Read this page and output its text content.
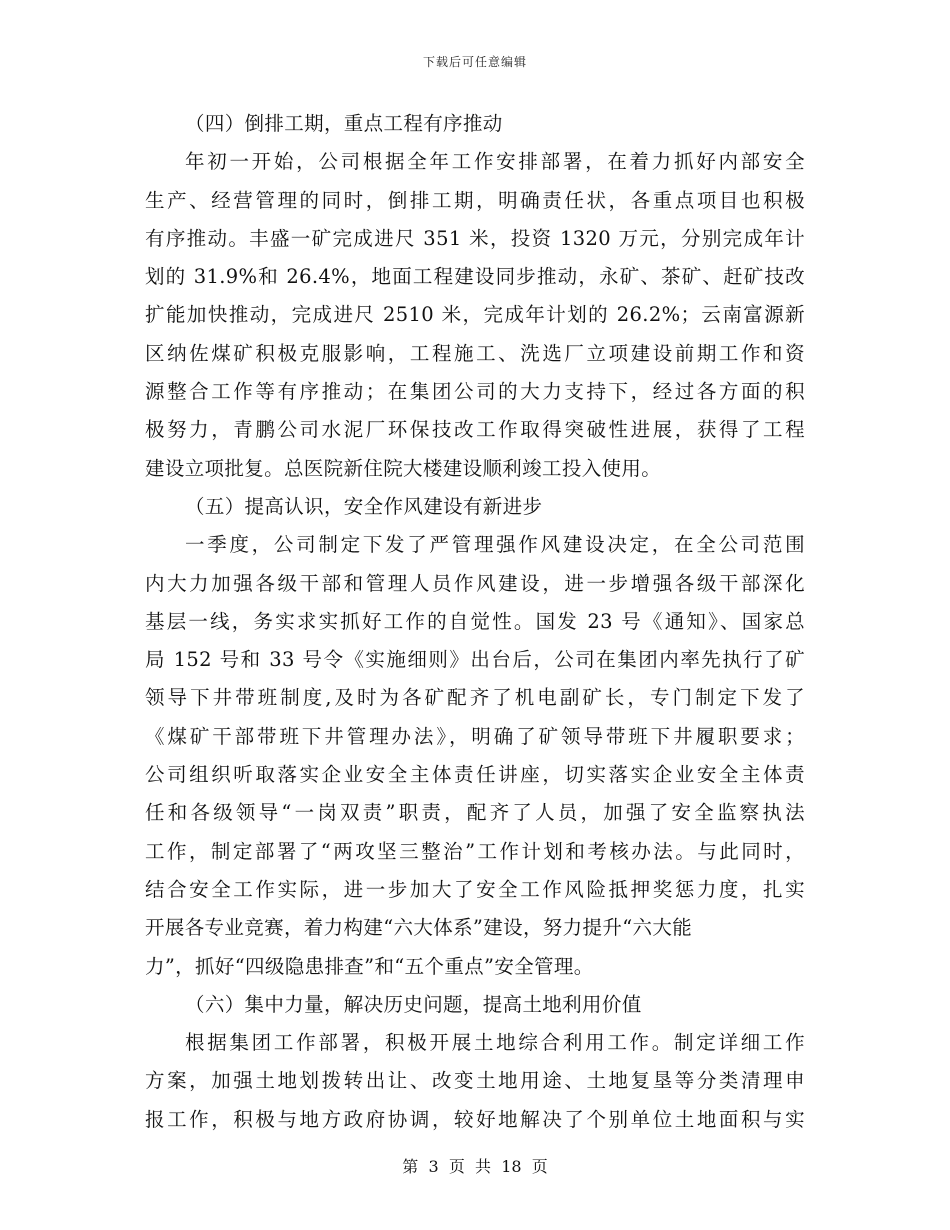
下载后可任意编辑
（四）倒排工期，重点工程有序推动
年初一开始，公司根据全年工作安排部署，在着力抓好内部安全
生产、经营管理的同时，倒排工期，明确责任状，各重点项目也积极
有序推动。丰盛一矿完成进尺 351 米，投资 1320 万元，分别完成年计
划的 31.9%和 26.4%，地面工程建设同步推动，永矿、茶矿、赶矿技改
扩能加快推动，完成进尺 2510 米，完成年计划的 26.2%；云南富源新
区纳佐煤矿积极克服影响，工程施工、洗选厂立项建设前期工作和资
源整合工作等有序推动；在集团公司的大力支持下，经过各方面的积
极努力，青鹏公司水泥厂环保技改工作取得突破性进展，获得了工程
建设立项批复。总医院新住院大楼建设顺利竣工投入使用。
（五）提高认识，安全作风建设有新进步
一季度，公司制定下发了严管理强作风建设决定，在全公司范围
内大力加强各级干部和管理人员作风建设，进一步增强各级干部深化
基层一线，务实求实抓好工作的自觉性。国发 23 号《通知》、国家总
局 152 号和 33 号令《实施细则》出台后，公司在集团内率先执行了矿
领导下井带班制度,及时为各矿配齐了机电副矿长，专门制定下发了
《煤矿干部带班下井管理办法》，明确了矿领导带班下井履职要求；
公司组织听取落实企业安全主体责任讲座，切实落实企业安全主体责
任和各级领导“一岗双责”职责，配齐了人员，加强了安全监察执法
工作，制定部署了“两攻坚三整治”工作计划和考核办法。与此同时，
结合安全工作实际，进一步加大了安全工作风险抵押奖惩力度，扎实
开展各专业竞赛，着力构建“六大体系”建设，努力提升“六大能
力”，抓好“四级隐患排查”和“五个重点”安全管理。
（六）集中力量，解决历史问题，提高土地利用价值
根据集团工作部署，积极开展土地综合利用工作。制定详细工作
方案，加强土地划拨转出让、改变土地用途、土地复垦等分类清理申
报工作，积极与地方政府协调，较好地解决了个别单位土地面积与实
第 3 页 共 18 页
